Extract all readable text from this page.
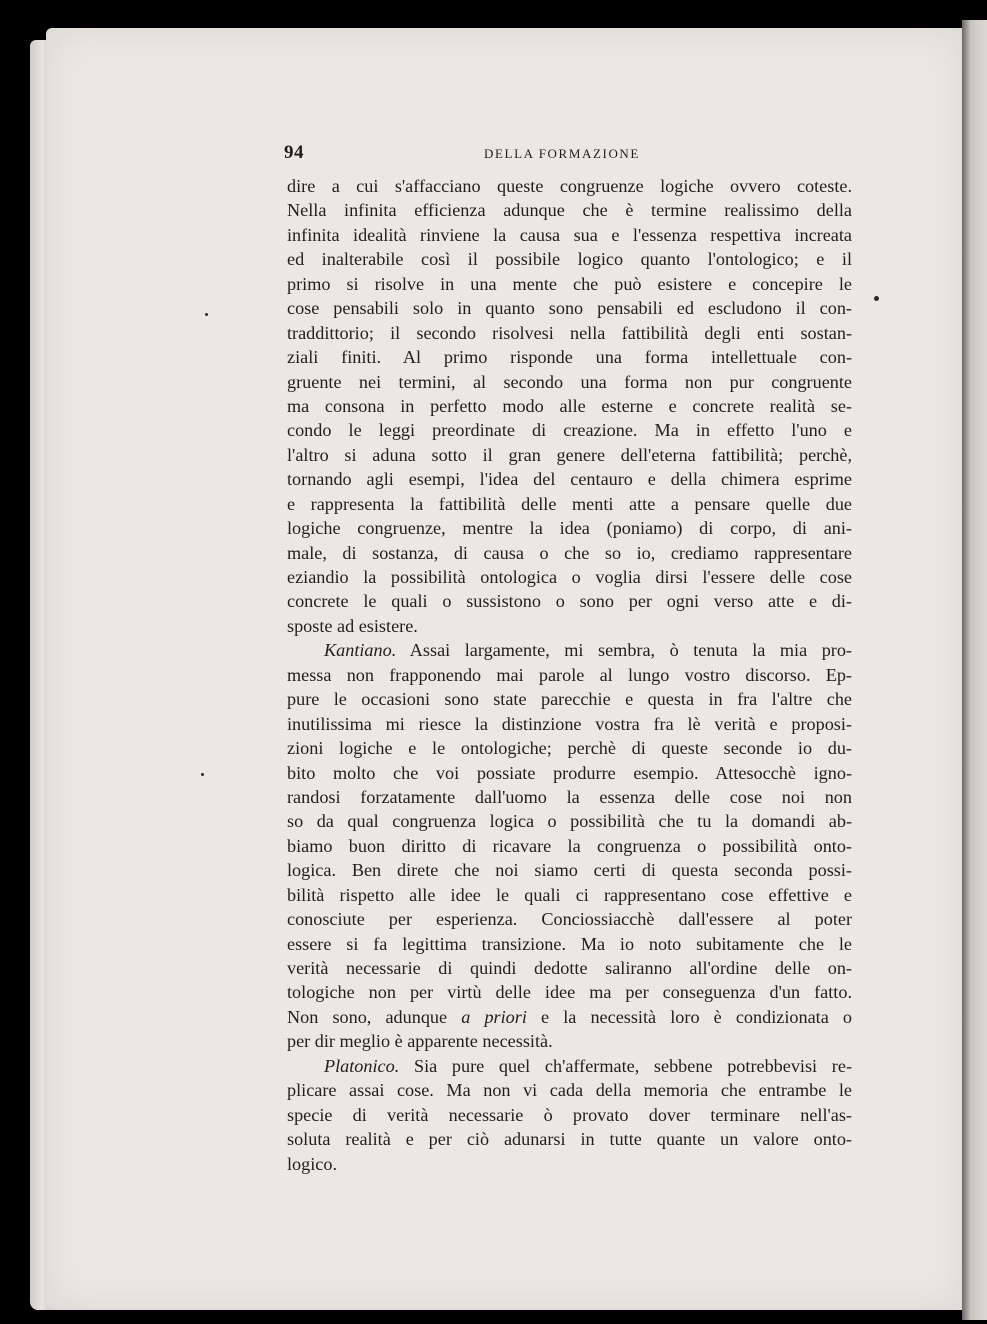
94	DELLA FORMAZIONE
dire a cui s'affacciano queste congruenze logiche ovvero coteste.
Nella infinita efficienza adunque che è termine realissimo della
infinita idealità rinviene la causa sua e l'essenza respettiva increata
ed inalterabile così il possibile logico quanto l'ontologico; e il
primo si risolve in una mente che può esistere e concepire le
cose pensabili solo in quanto sono pensabili ed escludono il con-
traddittorio; il secondo risolvesi nella fattibilità degli enti sostan-
ziali finiti. Al primo risponde una forma intellettuale con-
gruente nei termini, al secondo una forma non pur congruente
ma consona in perfetto modo alle esterne e concrete realità se-
condo le leggi preordinate di creazione. Ma in effetto l'uno e
l'altro si aduna sotto il gran genere dell'eterna fattibilità; perchè,
tornando agli esempi, l'idea del centauro e della chimera esprime
e rappresenta la fattibilità delle menti atte a pensare quelle due
logiche congruenze, mentre la idea (poniamo) di corpo, di ani-
male, di sostanza, di causa o che so io, crediamo rappresentare
eziandio la possibilità ontologica o voglia dirsi l'essere delle cose
concrete le quali o sussistono o sono per ogni verso atte e di-
sposte ad esistere.
Kantiano. Assai largamente, mi sembra, ò tenuta la mia pro-
messa non frapponendo mai parole al lungo vostro discorso. Ep-
pure le occasioni sono state parecchie e questa in fra l'altre che
inutilissima mi riesce la distinzione vostra fra lè verità e proposi-
zioni logiche e le ontologiche; perchè di queste seconde io du-
bito molto che voi possiate produrre esempio. Attesocchè igno-
randosi forzatamente dall'uomo la essenza delle cose noi non
so da qual congruenza logica o possibilità che tu la domandi ab-
biamo buon diritto di ricavare la congruenza o possibilità onto-
logica. Ben direte che noi siamo certi di questa seconda possi-
bilità rispetto alle idee le quali ci rappresentano cose effettive e
conosciute per esperienza. Conciossiacchè dall'essere al poter
essere si fa legittima transizione. Ma io noto subitamente che le
verità necessarie di quindi dedotte saliranno all'ordine delle on-
tologiche non per virtù delle idee ma per conseguenza d'un fatto.
Non sono, adunque a priori e la necessità loro è condizionata o
per dir meglio è apparente necessità.
Platonico. Sia pure quel ch'affermate, sebbene potrebbevisi re-
plicare assai cose. Ma non vi cada della memoria che entrambe le
specie di verità necessarie ò provato dover terminare nell'as-
soluta realità e per ciò adunarsi in tutte quante un valore onto-
logico.
